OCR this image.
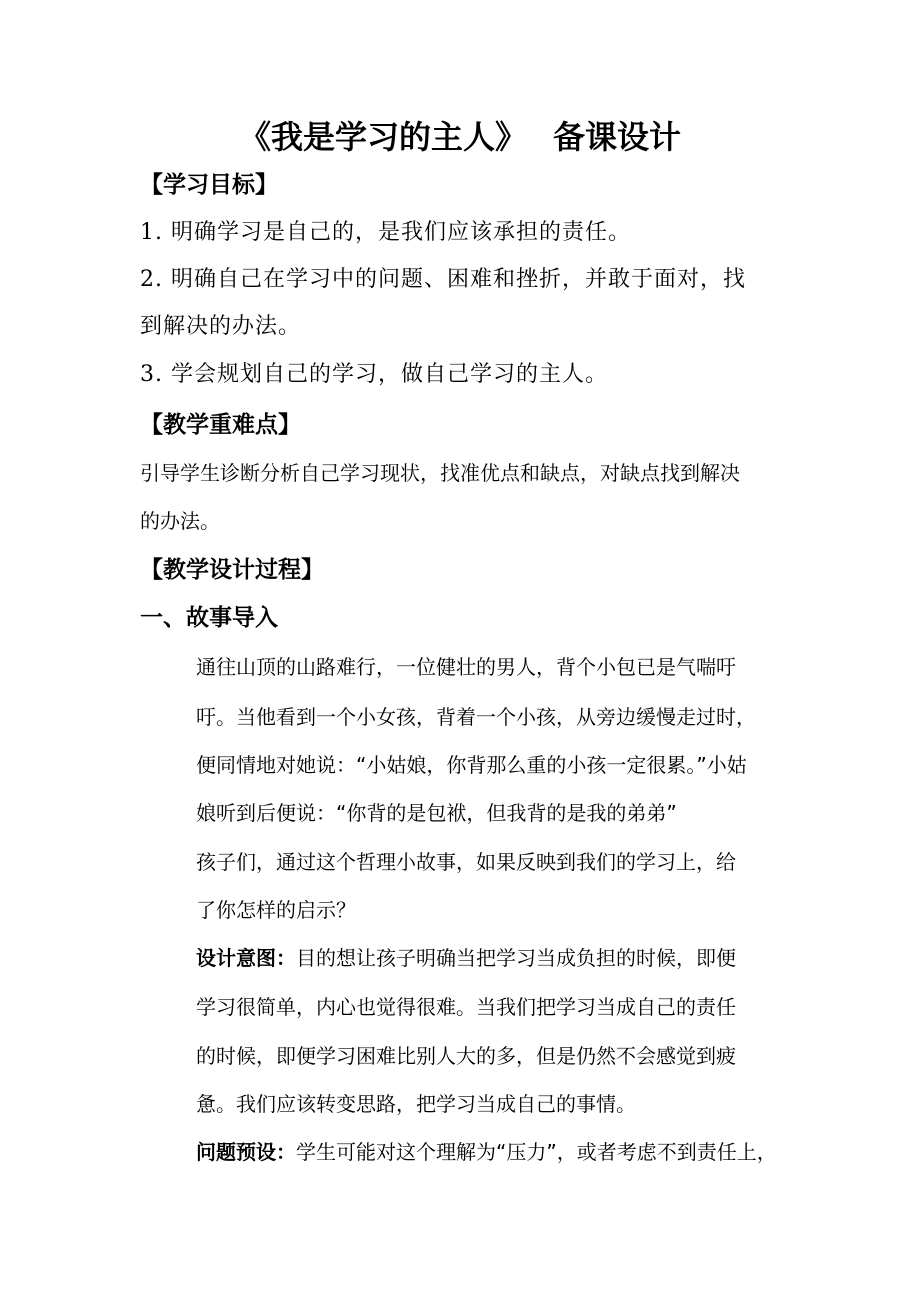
《我是学习的主人》 备课设计
【学习目标】
1. 明确学习是自己的，是我们应该承担的责任。
2. 明确自己在学习中的问题、困难和挫折，并敢于面对，找
到解决的办法。
3. 学会规划自己的学习，做自己学习的主人。
【教学重难点】
引导学生诊断分析自己学习现状，找准优点和缺点，对缺点找到解决
的办法。
【教学设计过程】
一、故事导入
通往山顶的山路难行，一位健壮的男人，背个小包已是气喘吁
吁。当他看到一个小女孩，背着一个小孩，从旁边缓慢走过时，
便同情地对她说：“小姑娘，你背那么重的小孩一定很累。”小姑
娘听到后便说：“你背的是包袱，但我背的是我的弟弟”
孩子们，通过这个哲理小故事，如果反映到我们的学习上，给
了你怎样的启示？
设计意图：目的想让孩子明确当把学习当成负担的时候，即便
学习很简单，内心也觉得很难。当我们把学习当成自己的责任
的时候，即便学习困难比别人大的多，但是仍然不会感觉到疲
惫。我们应该转变思路，把学习当成自己的事情。
问题预设：学生可能对这个理解为“压力”，或者考虑不到责任上，
